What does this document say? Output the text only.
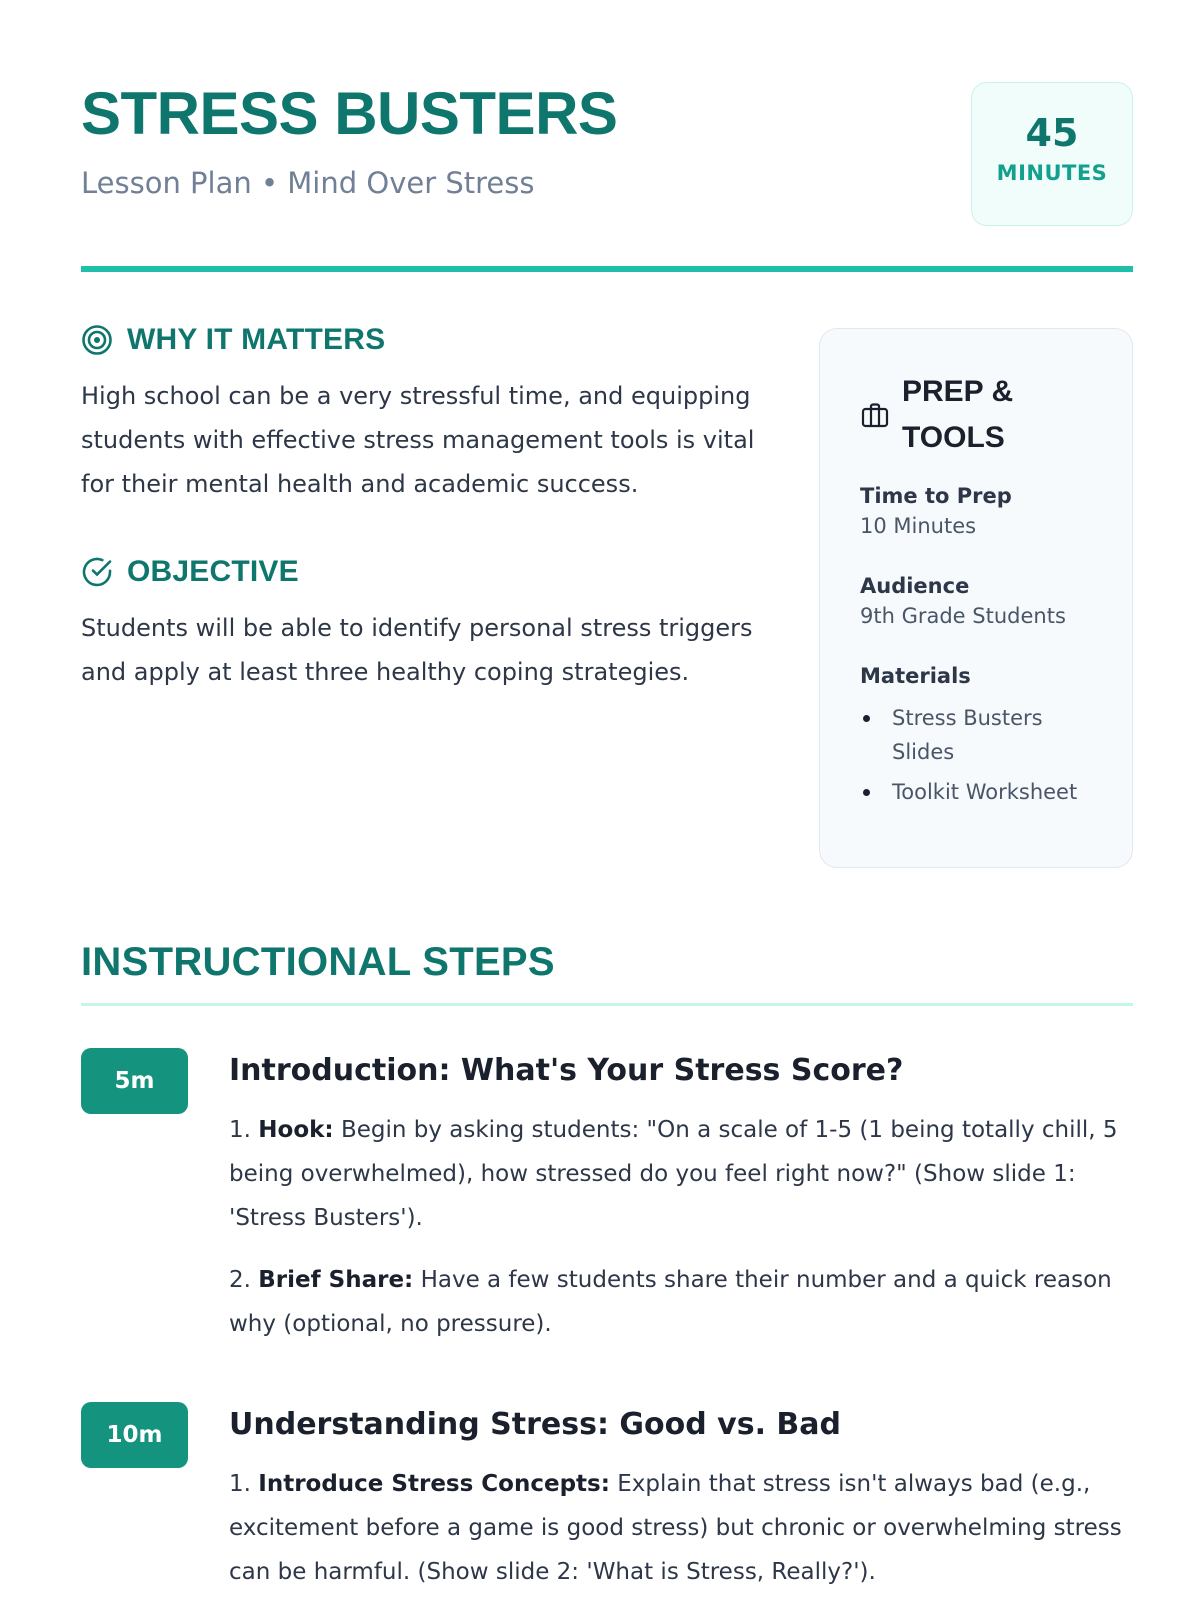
STRESS BUSTERS
Lesson Plan • Mind Over Stress
45
MINUTES
WHY IT MATTERS

High school can be a very stressful time, and equipping students with effective stress management tools is vital for their mental health and academic success.

OBJECTIVE

Students will be able to identify personal stress triggers and apply at least three healthy coping strategies.

PREP & TOOLS
Time to Prep
10 Minutes
Audience
9th Grade Students
Materials
Stress Busters Slides
Toolkit Worksheet
INSTRUCTIONAL STEPS
5m	Introduction: What's Your Stress Score?

1. Hook: Begin by asking students: "On a scale of 1-5 (1 being totally chill, 5 being overwhelmed), how stressed do you feel right now?" (Show slide 1: 'Stress Busters').

2. Brief Share: Have a few students share their number and a quick reason why (optional, no pressure).

10m	Understanding Stress: Good vs. Bad

1. Introduce Stress Concepts: Explain that stress isn't always bad (e.g., excitement before a game is good stress) but chronic or overwhelming stress can be harmful. (Show slide 2: 'What is Stress, Really?').
